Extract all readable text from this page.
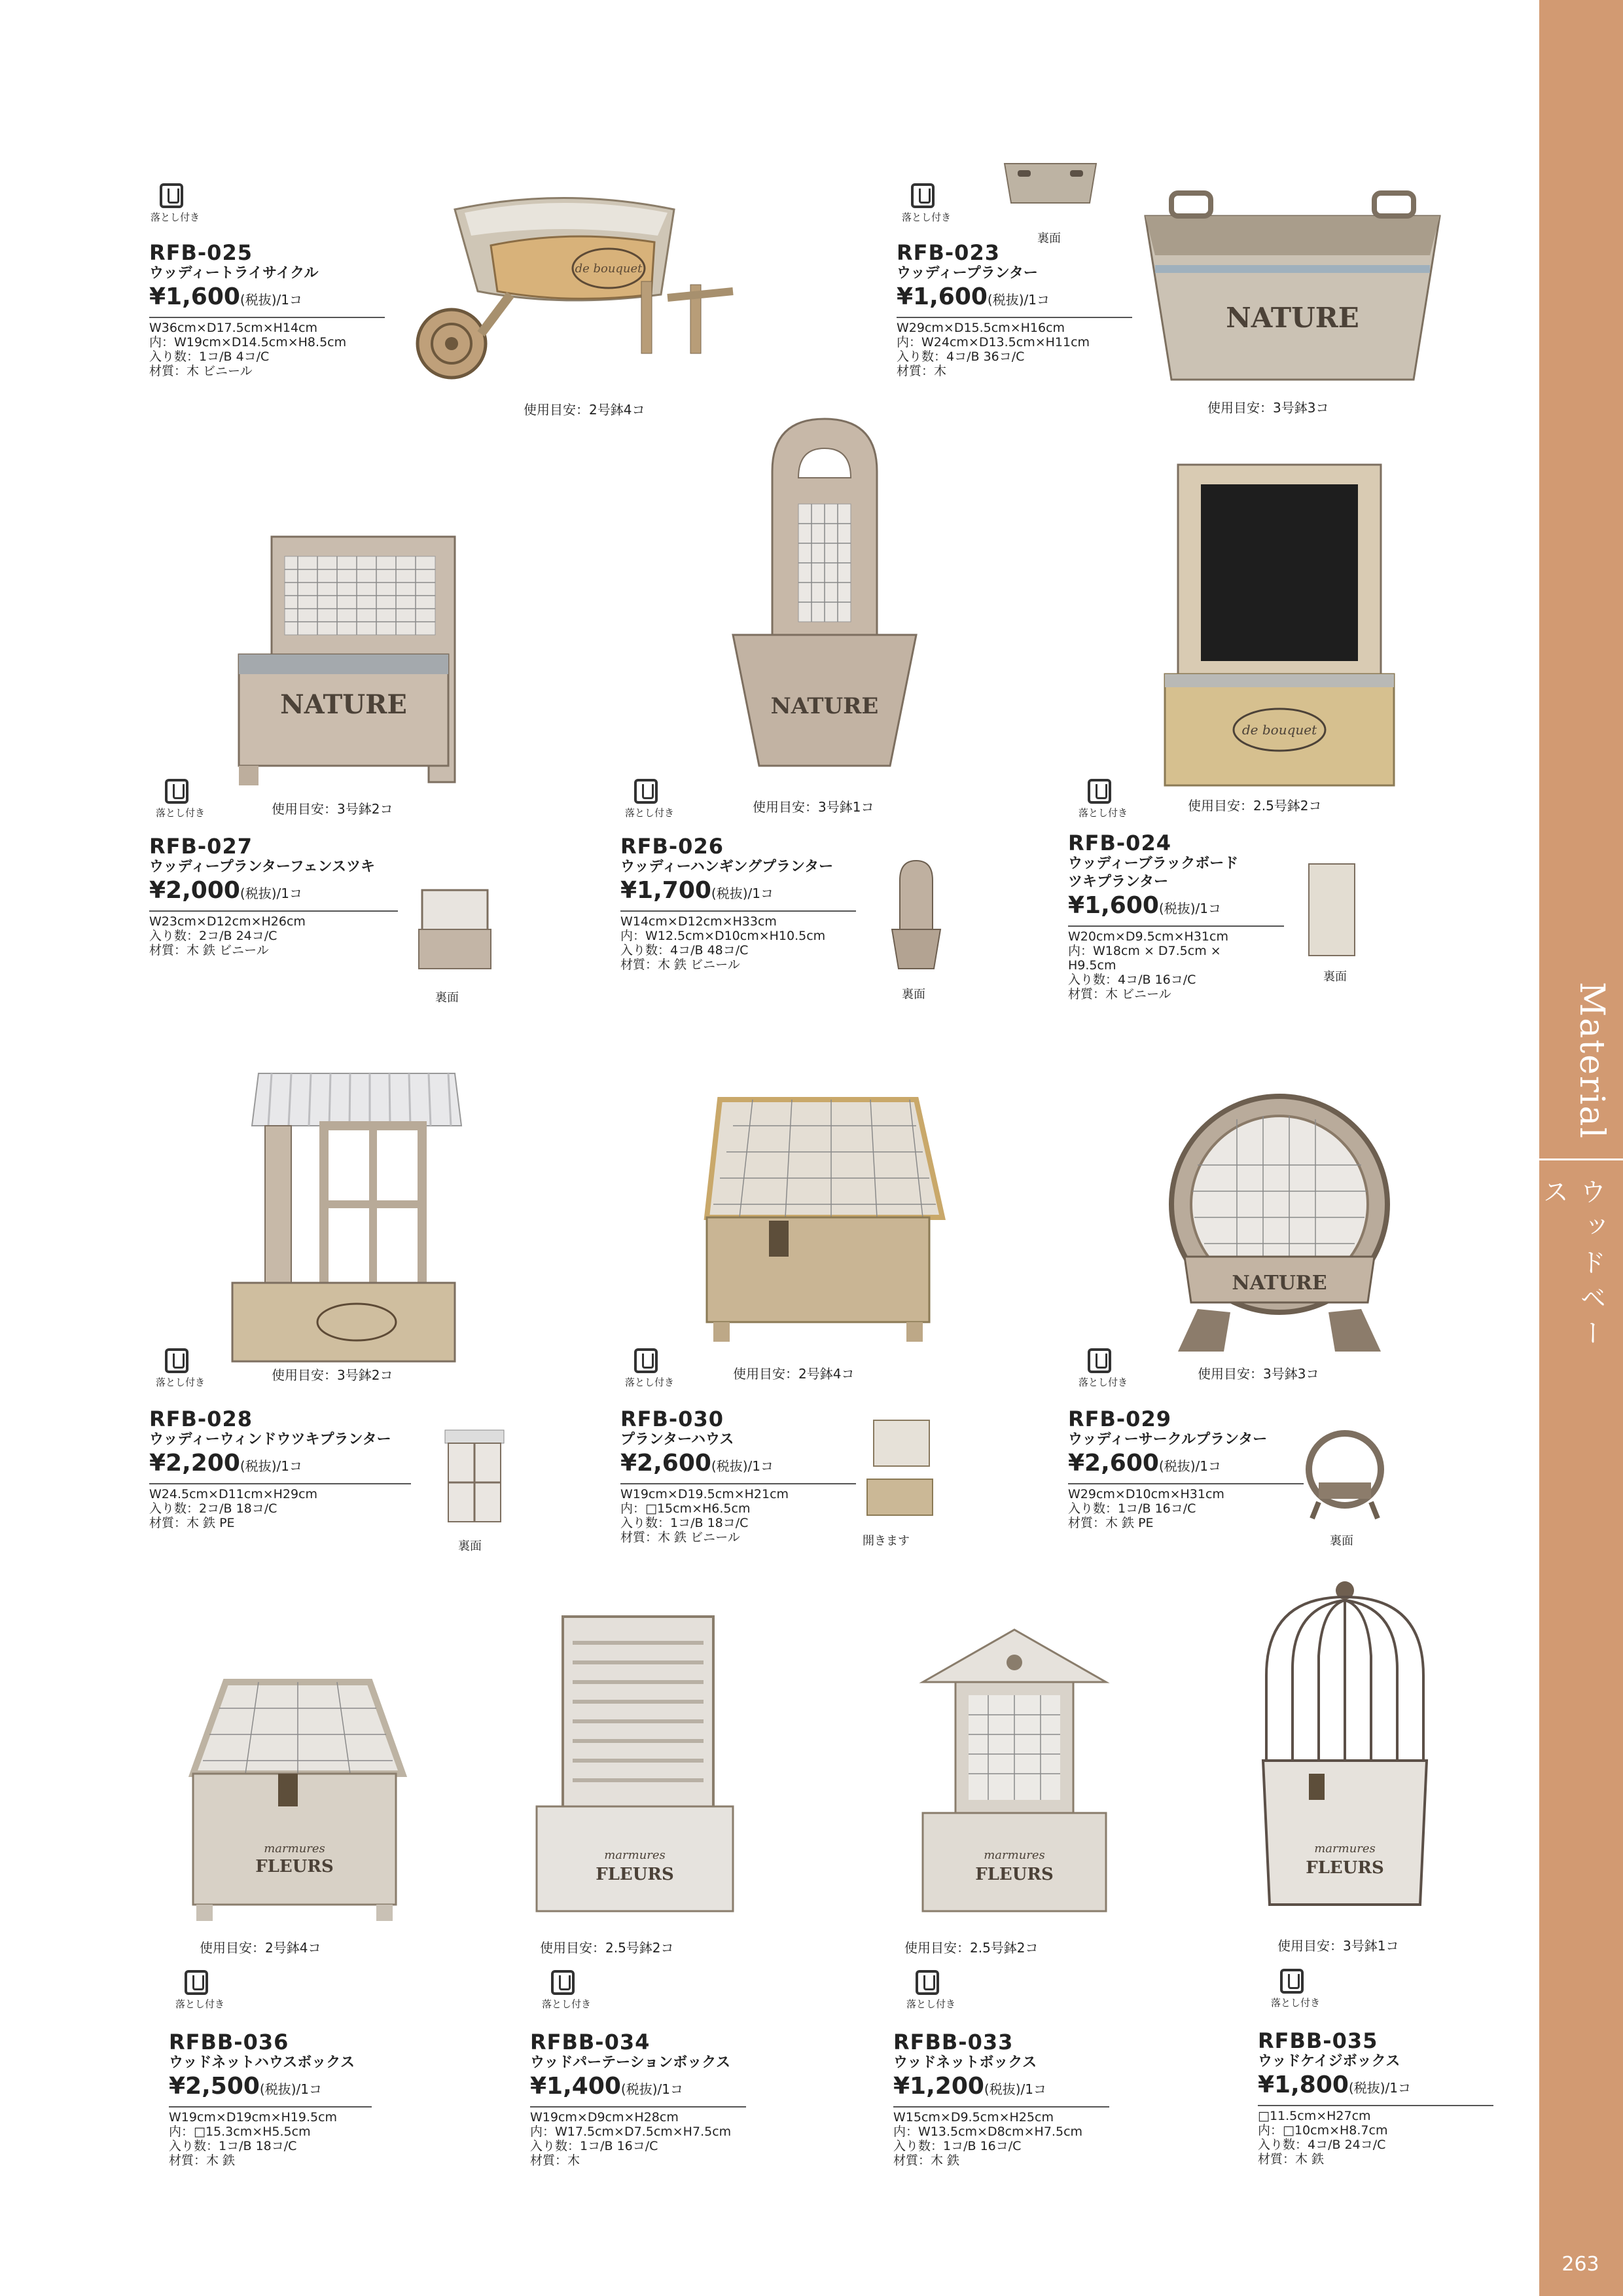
Material
ウッドベース
263
落とし付き
RFB-025
ウッディートライサイクル
¥1,600(税抜)/1コ
W36cm×D17.5cm×H14cm
内：W19cm×D14.5cm×H8.5cm
入り数：1コ/B 4コ/C
材質：木 ビニール
de bouquet
使用目安：2号鉢4コ
裏面
落とし付き
RFB-023
ウッディープランター
¥1,600(税抜)/1コ
W29cm×D15.5cm×H16cm
内：W24cm×D13.5cm×H11cm
入り数：4コ/B 36コ/C
材質：木
NATURE
使用目安：3号鉢3コ
NATURE
落とし付き	使用目安：3号鉢2コ
RFB-027
ウッディープランターフェンスツキ
¥2,000(税抜)/1コ
W23cm×D12cm×H26cm
入り数：2コ/B 24コ/C
材質：木 鉄 ビニール
裏面
NATURE
落とし付き	使用目安：3号鉢1コ
RFB-026
ウッディーハンギングプランター
¥1,700(税抜)/1コ
W14cm×D12cm×H33cm
内：W12.5cm×D10cm×H10.5cm
入り数：4コ/B 48コ/C
材質：木 鉄 ビニール
裏面
de bouquet
落とし付き	使用目安：2.5号鉢2コ
RFB-024
ウッディーブラックボード
ツキプランター
¥1,600(税抜)/1コ
W20cm×D9.5cm×H31cm
内：W18cm × D7.5cm ×
H9.5cm
入り数：4コ/B 16コ/C
材質：木 ビニール
裏面
落とし付き	使用目安：3号鉢2コ
RFB-028
ウッディーウィンドウツキプランター
¥2,200(税抜)/1コ
W24.5cm×D11cm×H29cm
入り数：2コ/B 18コ/C
材質：木 鉄 PE
裏面
落とし付き
使用目安：2号鉢4コ
RFB-030
プランターハウス
¥2,600(税抜)/1コ
W19cm×D19.5cm×H21cm
内：□15cm×H6.5cm
入り数：1コ/B 18コ/C
材質：木 鉄 ビニール	開きます
NATURE
落とし付き
使用目安：3号鉢3コ
RFB-029
ウッディーサークルプランター
¥2,600(税抜)/1コ
W29cm×D10cm×H31cm
入り数：1コ/B 16コ/C
材質：木 鉄 PE
裏面
marmures
FLEURS
使用目安：2号鉢4コ
落とし付き
RFBB-036
ウッドネットハウスボックス
¥2,500(税抜)/1コ
W19cm×D19cm×H19.5cm
内：□15.3cm×H5.5cm
入り数：1コ/B 18コ/C
材質：木 鉄
marmures
FLEURS
使用目安：2.5号鉢2コ
落とし付き
RFBB-034
ウッドパーテーションボックス
¥1,400(税抜)/1コ
W19cm×D9cm×H28cm
内：W17.5cm×D7.5cm×H7.5cm
入り数：1コ/B 16コ/C
材質：木
marmures
FLEURS
使用目安：2.5号鉢2コ
落とし付き
RFBB-033
ウッドネットボックス
¥1,200(税抜)/1コ
W15cm×D9.5cm×H25cm
内：W13.5cm×D8cm×H7.5cm
入り数：1コ/B 16コ/C
材質：木 鉄
marmures
FLEURS
使用目安：3号鉢1コ
落とし付き
RFBB-035
ウッドケイジボックス
¥1,800(税抜)/1コ
□11.5cm×H27cm
内：□10cm×H8.7cm
入り数：4コ/B 24コ/C
材質：木 鉄
